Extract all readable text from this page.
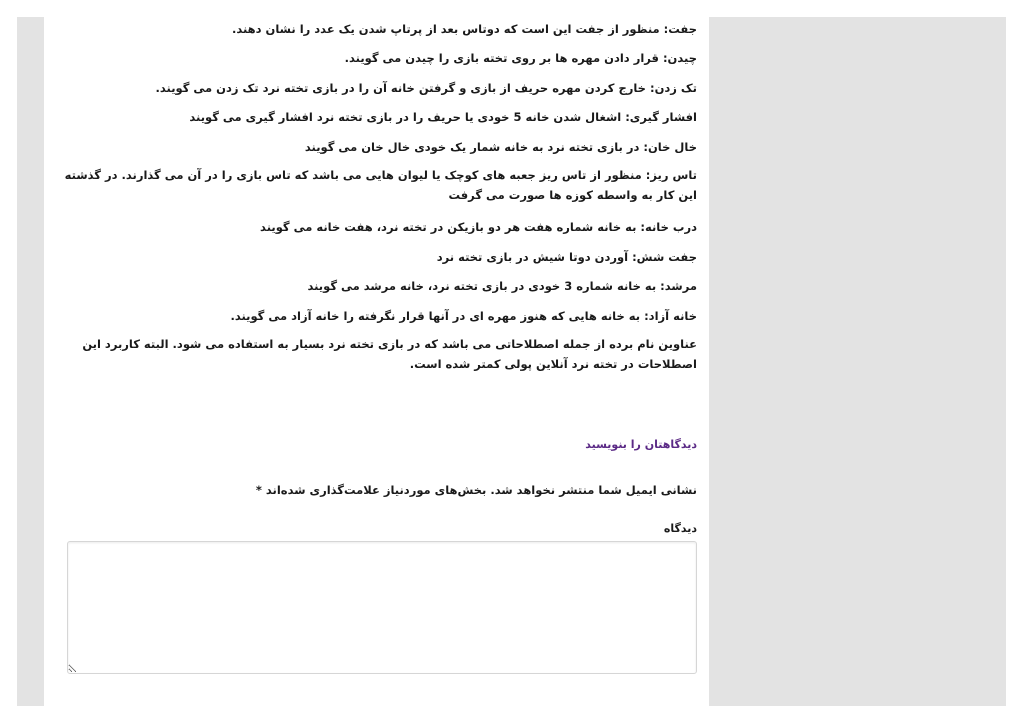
جفت: منظور از جفت این است که دوتاس بعد از پرتاپ شدن یک عدد را نشان دهند.

چیدن: قرار دادن مهره ها بر روی تخته بازی را چیدن می گویند.

تک زدن: خارج کردن مهره حریف از بازی و گرفتن خانه آن را در بازی تخته نرد تک زدن می گویند.

افشار گیری: اشغال شدن خانه 5 خودی یا حریف را در بازی تخته نرد افشار گیری می گویند

خال خان: در بازی تخته نرد به خانه شمار یک خودی خال خان می گویند

تاس ریز: منظور از تاس ریز جعبه های کوچک یا لیوان هایی می باشد که تاس بازی را در آن می گذارند. در گذشته این کار به واسطه کوزه ها صورت می گرفت

درب خانه: به خانه شماره هفت هر دو بازیکن در تخته نرد، هفت خانه می گویند

جفت شش: آوردن دوتا شیش در بازی تخته نرد

مرشد: به خانه شماره 3 خودی در بازی تخته نرد، خانه مرشد می گویند

خانه آزاد: به خانه هایی که هنوز مهره ای در آنها قرار نگرفته را خانه آزاد می گویند.

عناوین نام برده از جمله اصطلاحاتی می باشد که در بازی تخته نرد بسیار به استفاده می شود. البته کاربرد این اصطلاحات در تخته نرد آنلاین پولی کمتر شده است.

دیدگاهتان را بنویسید

نشانی ایمیل شما منتشر نخواهد شد. بخش‌های موردنیاز علامت‌گذاری شده‌اند *

دیدگاه
